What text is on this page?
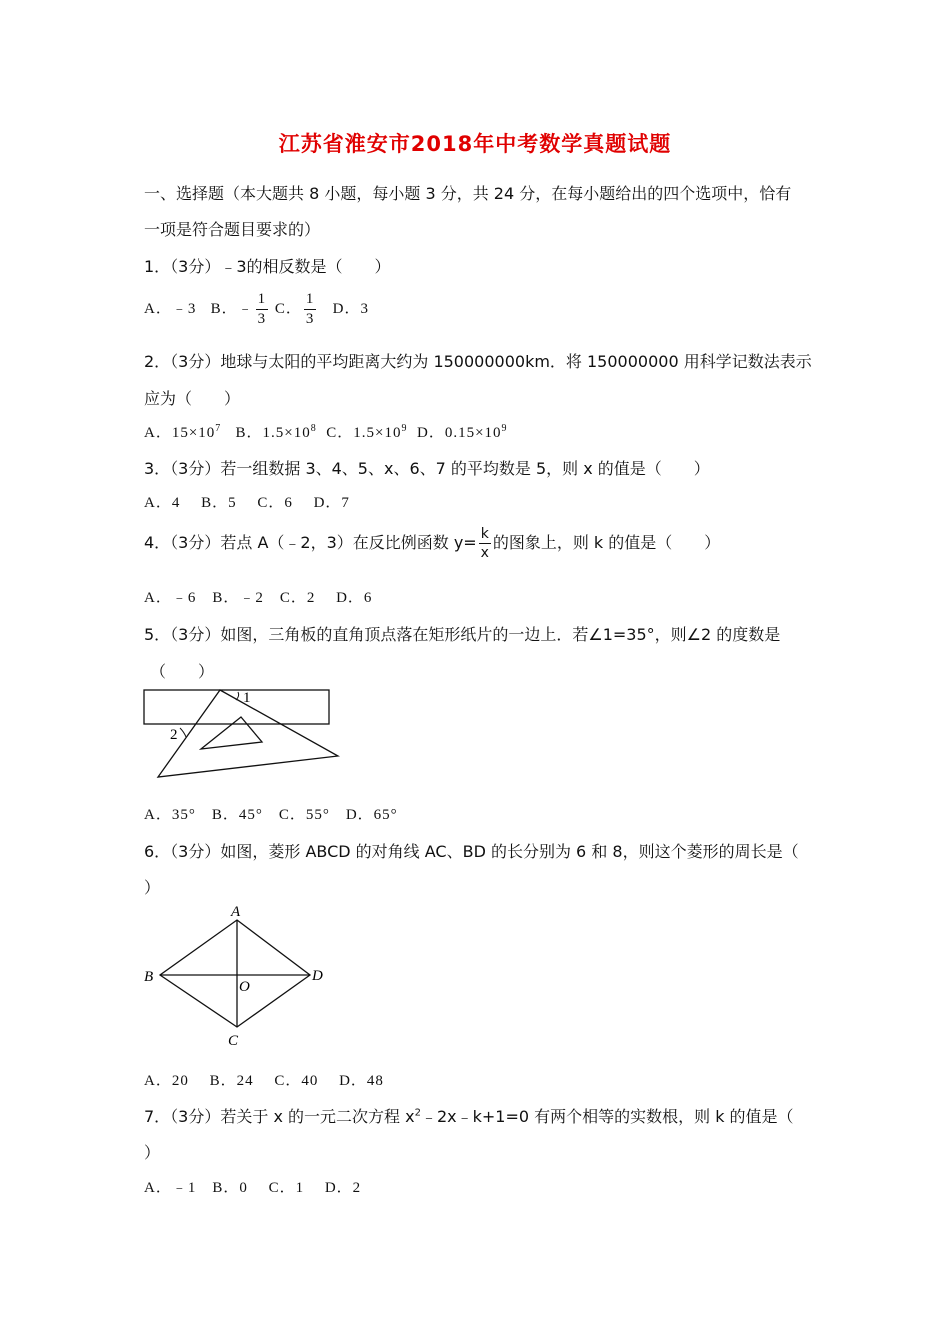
江苏省淮安市2018年中考数学真题试题
一、选择题（本大题共 8 小题，每小题 3 分，共 24 分，在每小题给出的四个选项中，恰有
一项是符合题目要求的）
1．（3分）﹣3的相反数是（　　）
A．﹣3 B．﹣ $\frac{1}{3}$ C． $\frac{1}{3}$ D．3
2．（3分）地球与太阳的平均距离大约为 150000000km．将 150000000 用科学记数法表示
应为（　　）
A．$15\times 10^7$ B．$1.5\times 10^8$ C．$1.5\times 10^9$ D．$0.15\times 10^9$
3．（3分）若一组数据 3、4、5、x、6、7 的平均数是 5，则 x 的值是（　　）
A．4　 B．5　 C．6　 D．7
4．（3分）若点 A（﹣2，3）在反比例函数 $y= \frac{k}{x}$ 的图象上，则 k 的值是（　　）
A．﹣6　B．﹣2　C．2　 D．6
5．（3分）如图，三角板的直角顶点落在矩形纸片的一边上．若∠1=35°，则∠2 的度数是
（　　）
1
2
A．35°　B．45°　C．55°　D．65°
6．（3分）如图，菱形 ABCD 的对角线 AC、BD 的长分别为 6 和 8，则这个菱形的周长是（
）
A
B
C
D
O
A．20　 B．24　 C．40　 D．48
7．（3分）若关于 x 的一元二次方程 $x^2﹣2x﹣k+1=0$ 有两个相等的实数根，则 k 的值是（
）
A．﹣1　B．0　 C．1　 D．2
